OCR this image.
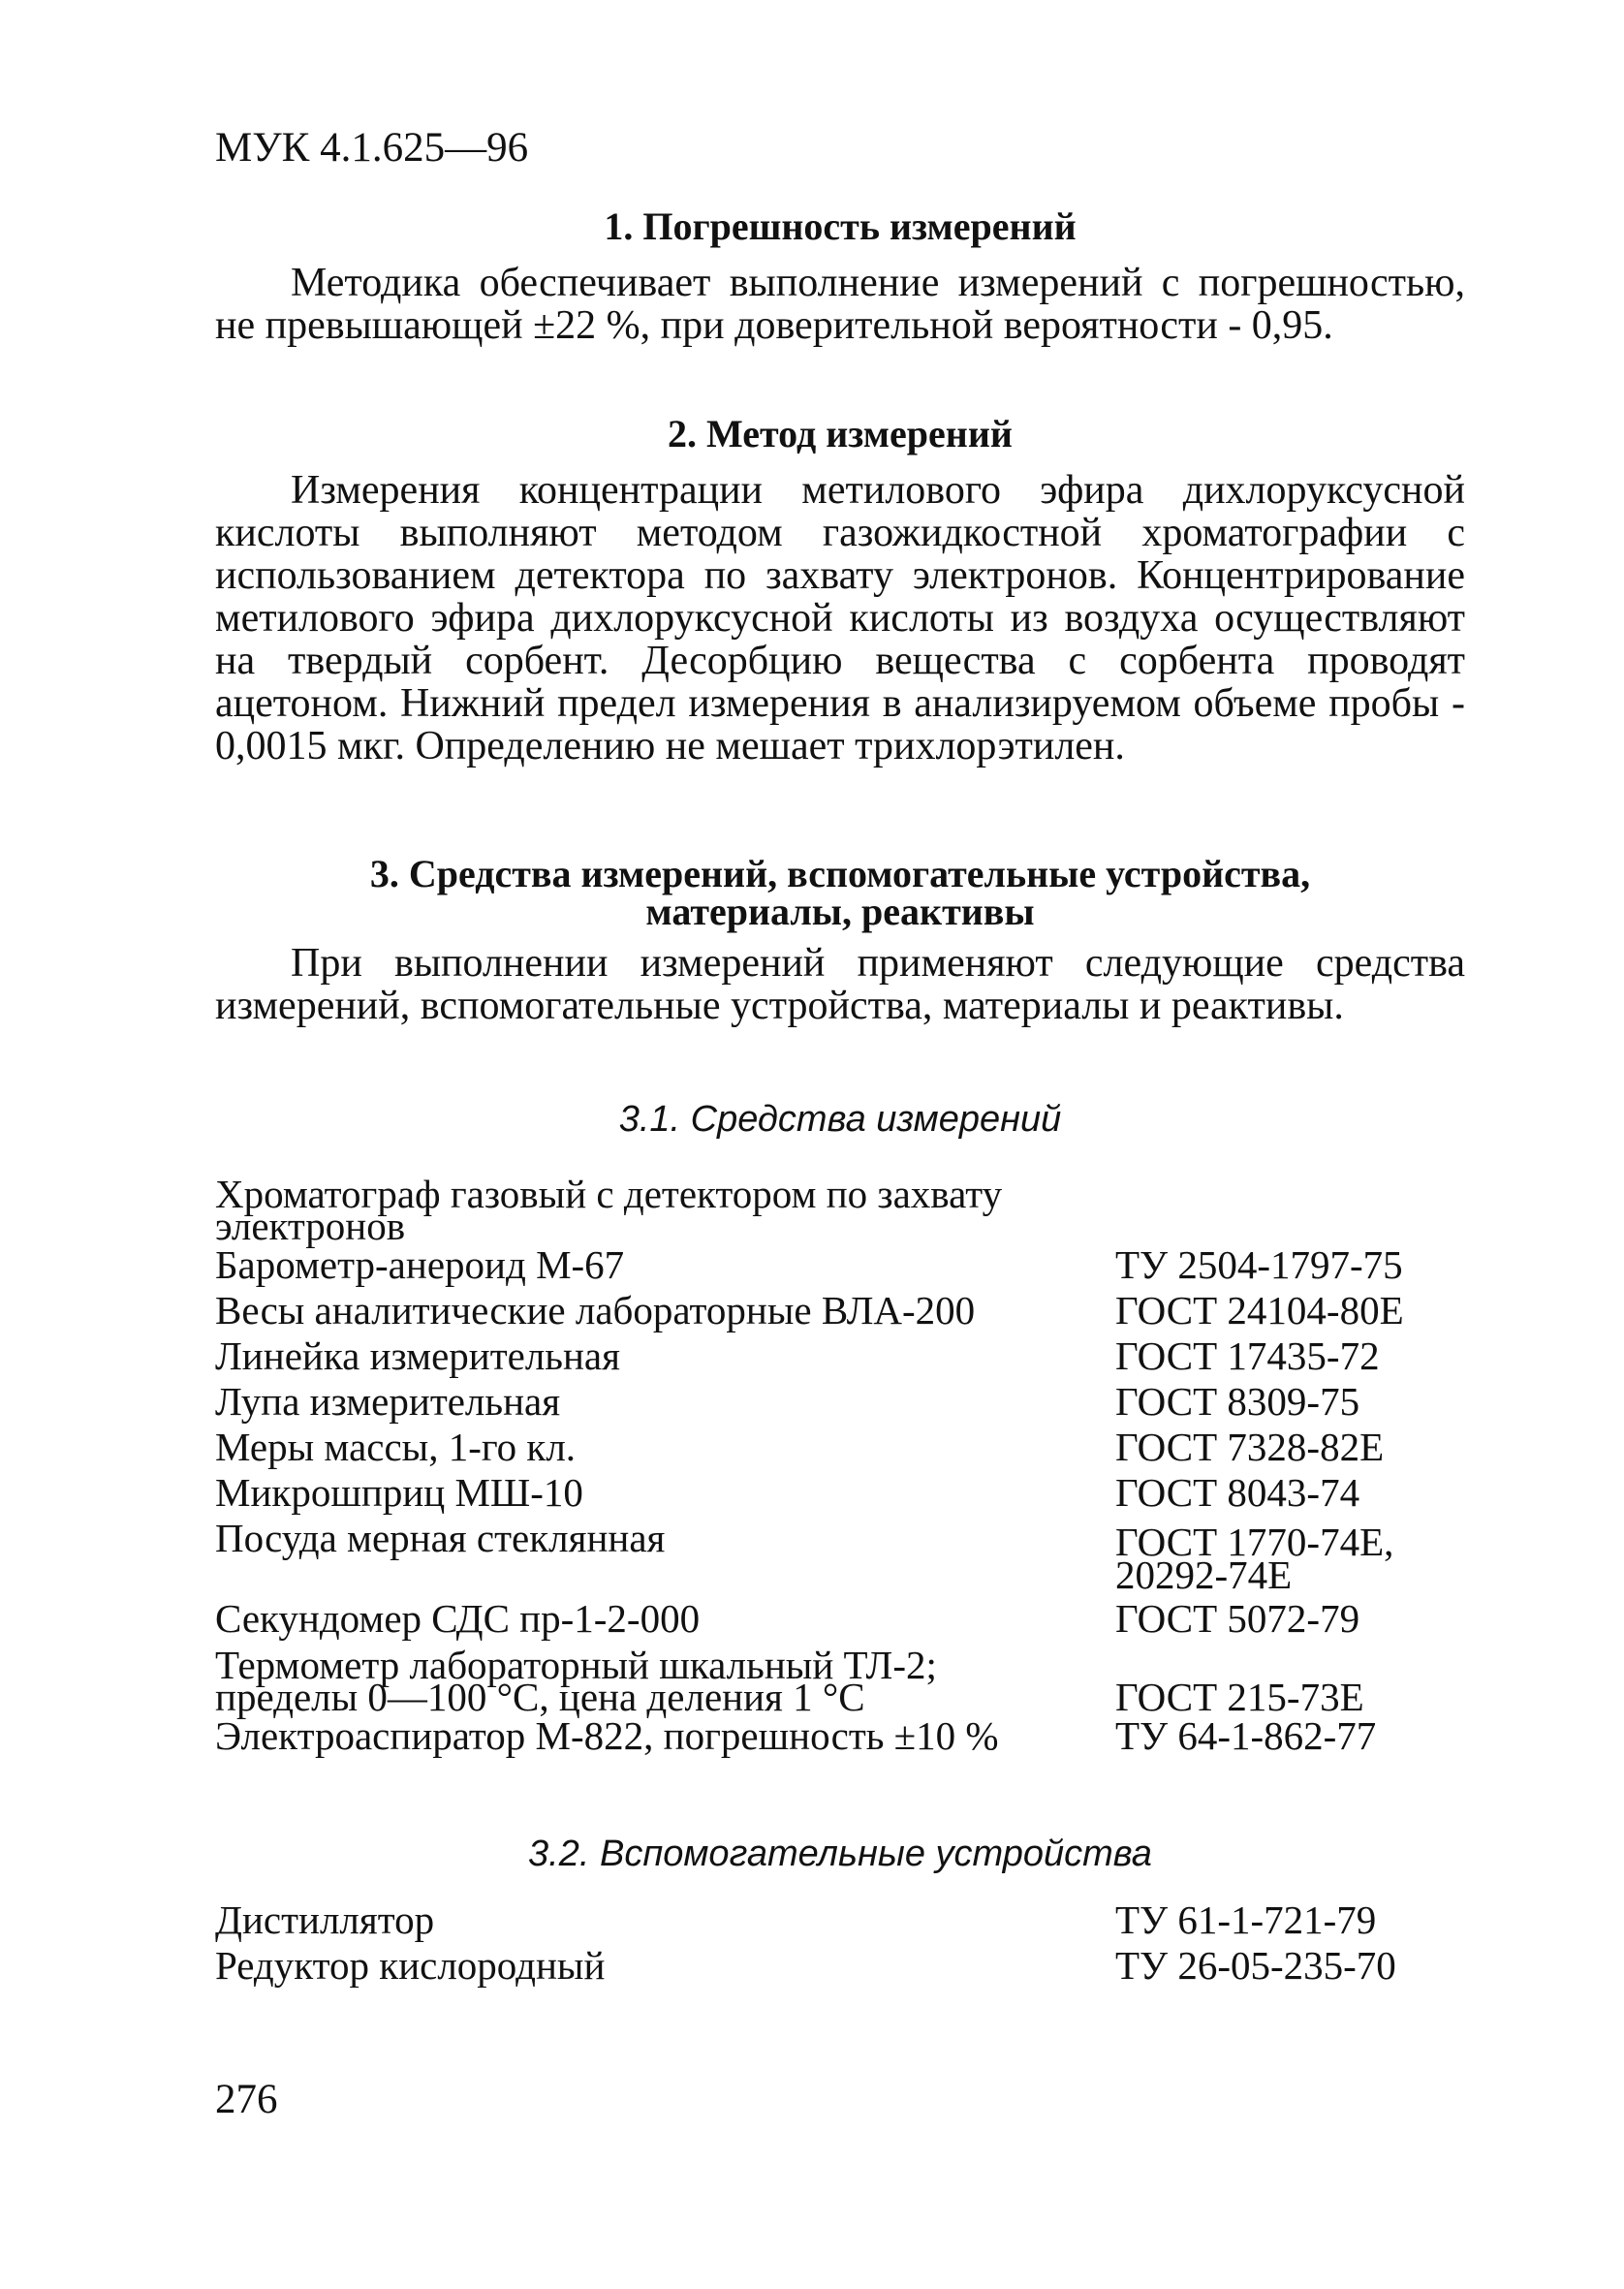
МУК 4.1.625—96
1. Погрешность измерений
Методика обеспечивает выполнение измерений с погрешностью, не превышающей ±22 %, при доверительной вероятности - 0,95.
2. Метод измерений
Измерения концентрации метилового эфира дихлоруксусной кислоты выполняют методом газожидкостной хроматографии с использованием детектора по захвату электронов. Концентрирование метилового эфира дихлоруксусной кислоты из воздуха осуществляют на твердый сорбент. Десорбцию вещества с сорбента проводят ацетоном. Нижний предел измерения в анализируемом объеме пробы - 0,0015 мкг. Определению не мешает трихлорэтилен.
3. Средства измерений, вспомогательные устройства,
материалы, реактивы
При выполнении измерений применяют следующие средства измерений, вспомогательные устройства, материалы и реактивы.
3.1. Средства измерений
Хроматограф газовый с детектором по захвату электронов
Барометр-анероид М-67	ТУ 2504-1797-75
Весы аналитические лабораторные ВЛА-200	ГОСТ 24104-80Е
Линейка измерительная	ГОСТ 17435-72
Лупа измерительная	ГОСТ 8309-75
Меры массы, 1-го кл.	ГОСТ 7328-82Е
Микрошприц МШ-10	ГОСТ 8043-74
Посуда мерная стеклянная	ГОСТ 1770-74Е, 20292-74Е
Секундомер СДС пр-1-2-000	ГОСТ 5072-79
Термометр лабораторный шкальный ТЛ-2; пределы 0—100 °С, цена деления 1 °С	ГОСТ 215-73Е
Электроаспиратор М-822, погрешность ±10 %	ТУ 64-1-862-77
3.2. Вспомогательные устройства
Дистиллятор	ТУ 61-1-721-79
Редуктор кислородный	ТУ 26-05-235-70
276
